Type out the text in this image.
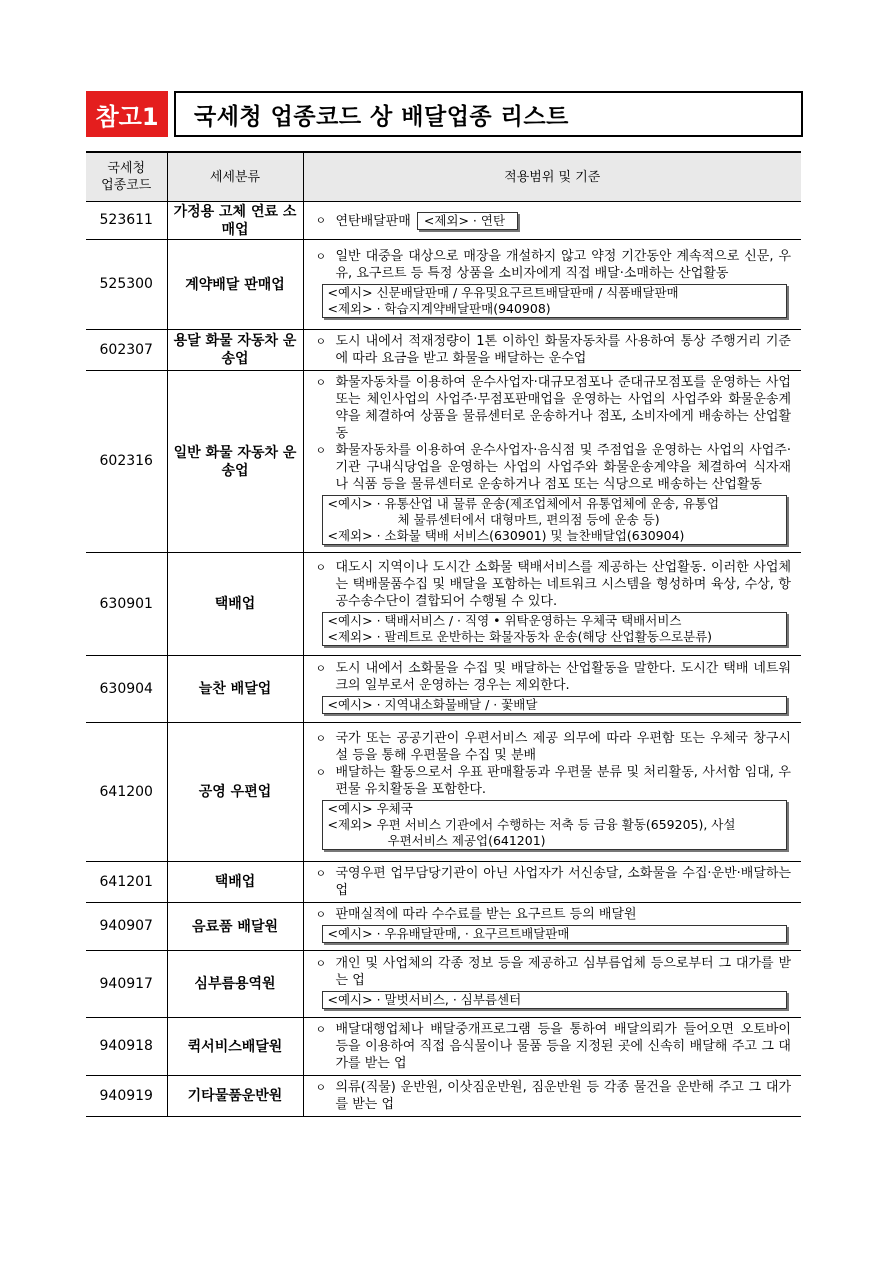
참고1	국세청 업종코드 상 배달업종 리스트
국세청
업종코드	세세분류	적용범위 및 기준
523611	가정용 고체 연료 소매업	ㅇ 연탄배달판매 <제외> · 연탄

525300	계약배달 판매업	ㅇ 일반 대중을 대상으로 매장을 개설하지 않고 약정 기간동안 계속적으로 신문, 우유, 요구르트 등 특정 상품을 소비자에게 직접 배달·소매하는 산업활동
<예시> 신문배달판매 / 우유및요구르트배달판매 / 식품배달판매
<제외> · 학습지계약배달판매(940908)

602307	용달 화물 자동차 운송업	ㅇ 도시 내에서 적재정량이 1톤 이하인 화물자동차를 사용하여 통상 주행거리 기준에 따라 요금을 받고 화물을 배달하는 운수업

602316	일반 화물 자동차 운송업	ㅇ 화물자동차를 이용하여 운수사업자·대규모점포나 준대규모점포를 운영하는 사업 또는 체인사업의 사업주·무점포판매업을 운영하는 사업의 사업주와 화물운송계약을 체결하여 상품을 물류센터로 운송하거나 점포, 소비자에게 배송하는 산업활동
ㅇ 화물자동차를 이용하여 운수사업자·음식점 및 주점업을 운영하는 사업의 사업주·기관 구내식당업을 운영하는 사업의 사업주와 화물운송계약을 체결하여 식자재나 식품 등을 물류센터로 운송하거나 점포 또는 식당으로 배송하는 산업활동
<예시> · 유통산업 내 물류 운송(제조업체에서 유통업체에 운송, 유통업
체 물류센터에서 대형마트, 편의점 등에 운송 등)
<제외> · 소화물 택배 서비스(630901) 및 늘찬배달업(630904)

630901	택배업	ㅇ 대도시 지역이나 도시간 소화물 택배서비스를 제공하는 산업활동. 이러한 사업체는 택배물품수집 및 배달을 포함하는 네트워크 시스템을 형성하며 육상, 수상, 항공수송수단이 결합되어 수행될 수 있다.
<예시> · 택배서비스 / · 직영 • 위탁운영하는 우체국 택배서비스
<제외> · 팔레트로 운반하는 화물자동차 운송(해당 산업활동으로분류)

630904	늘찬 배달업	ㅇ 도시 내에서 소화물을 수집 및 배달하는 산업활동을 말한다. 도시간 택배 네트워크의 일부로서 운영하는 경우는 제외한다.
<예시> · 지역내소화물배달 / · 꽃배달

641200	공영 우편업	ㅇ 국가 또는 공공기관이 우편서비스 제공 의무에 따라 우편함 또는 우체국 창구시설 등을 통해 우편물을 수집 및 분배
ㅇ 배달하는 활동으로서 우표 판매활동과 우편물 분류 및 처리활동, 사서함 임대, 우편물 유치활동을 포함한다.
<예시> 우체국
<제외> 우편 서비스 기관에서 수행하는 저축 등 금융 활동(659205), 사설
우편서비스 제공업(641201)

641201	택배업	ㅇ 국영우편 업무담당기관이 아닌 사업자가 서신송달, 소화물을 수집·운반·배달하는 업

940907	음료품 배달원	ㅇ 판매실적에 따라 수수료를 받는 요구르트 등의 배달원
<예시> · 우유배달판매, · 요구르트배달판매

940917	심부름용역원	ㅇ 개인 및 사업체의 각종 정보 등을 제공하고 심부름업체 등으로부터 그 대가를 받는 업
<예시> · 말벗서비스, · 심부름센터

940918	퀵서비스배달원	ㅇ 배달대행업체나 배달중개프로그램 등을 통하여 배달의뢰가 들어오면 오토바이 등을 이용하여 직접 음식물이나 물품 등을 지정된 곳에 신속히 배달해 주고 그 대가를 받는 업

940919	기타물품운반원	ㅇ 의류(직물) 운반원, 이삿짐운반원, 짐운반원 등 각종 물건을 운반해 주고 그 대가를 받는 업
